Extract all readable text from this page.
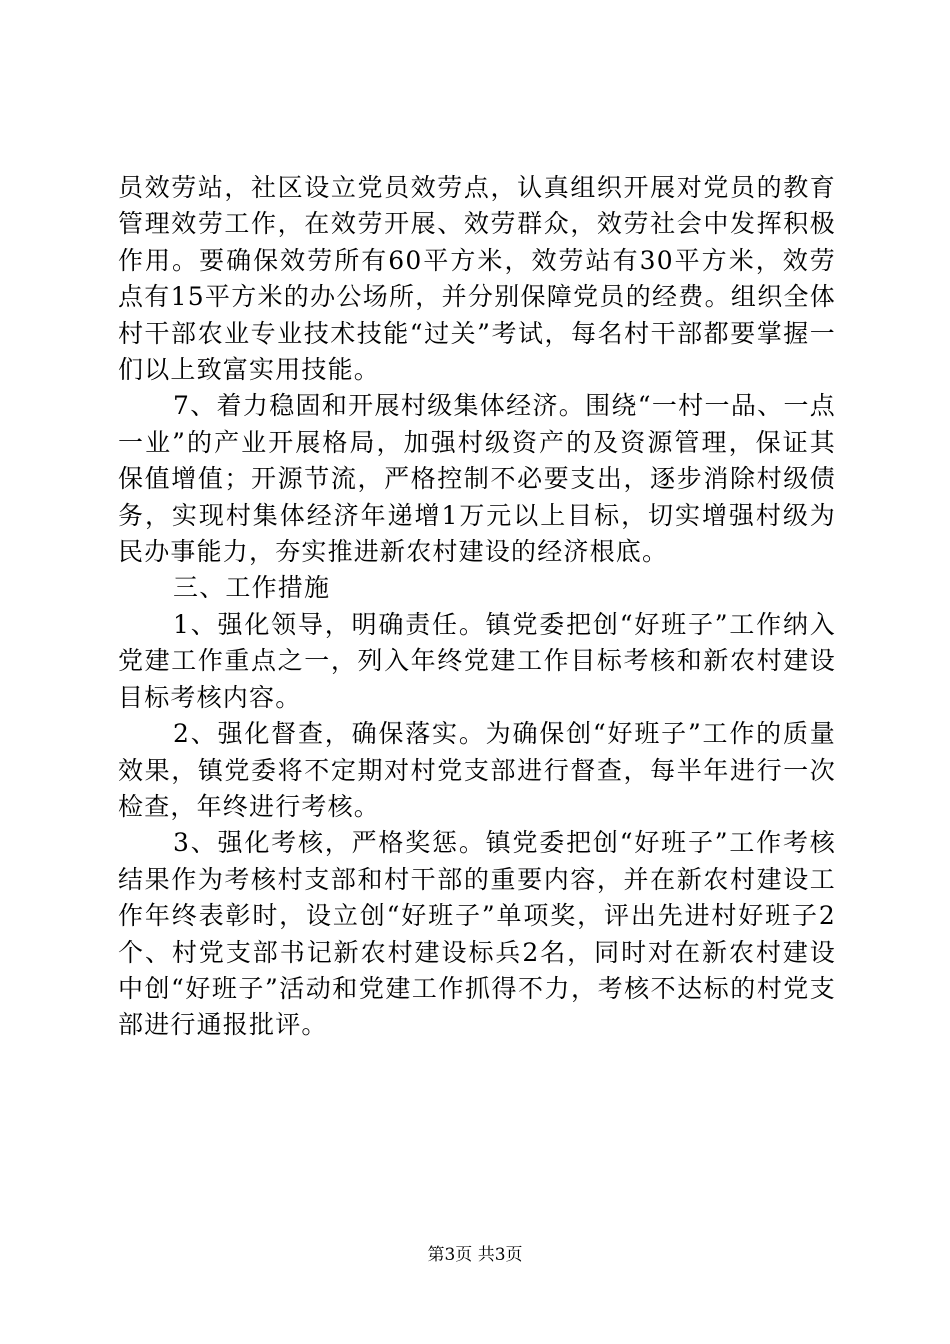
员效劳站，社区设立党员效劳点，认真组织开展对党员的教育管理效劳工作，在效劳开展、效劳群众，效劳社会中发挥积极作用。要确保效劳所有60平方米，效劳站有30平方米，效劳点有15平方米的办公场所，并分别保障党员的经费。组织全体村干部农业专业技术技能“过关”考试，每名村干部都要掌握一们以上致富实用技能。

7、着力稳固和开展村级集体经济。围绕“一村一品、一点一业”的产业开展格局，加强村级资产的及资源管理，保证其保值增值；开源节流，严格控制不必要支出，逐步消除村级债务，实现村集体经济年递增1万元以上目标，切实增强村级为民办事能力，夯实推进新农村建设的经济根底。

三、工作措施

1、强化领导，明确责任。镇党委把创“好班子”工作纳入党建工作重点之一，列入年终党建工作目标考核和新农村建设目标考核内容。

2、强化督查，确保落实。为确保创“好班子”工作的质量效果，镇党委将不定期对村党支部进行督查，每半年进行一次检查，年终进行考核。

3、强化考核，严格奖惩。镇党委把创“好班子”工作考核结果作为考核村支部和村干部的重要内容，并在新农村建设工作年终表彰时，设立创“好班子”单项奖，评出先进村好班子2个、村党支部书记新农村建设标兵2名，同时对在新农村建设中创“好班子”活动和党建工作抓得不力，考核不达标的村党支部进行通报批评。

第3页 共3页
